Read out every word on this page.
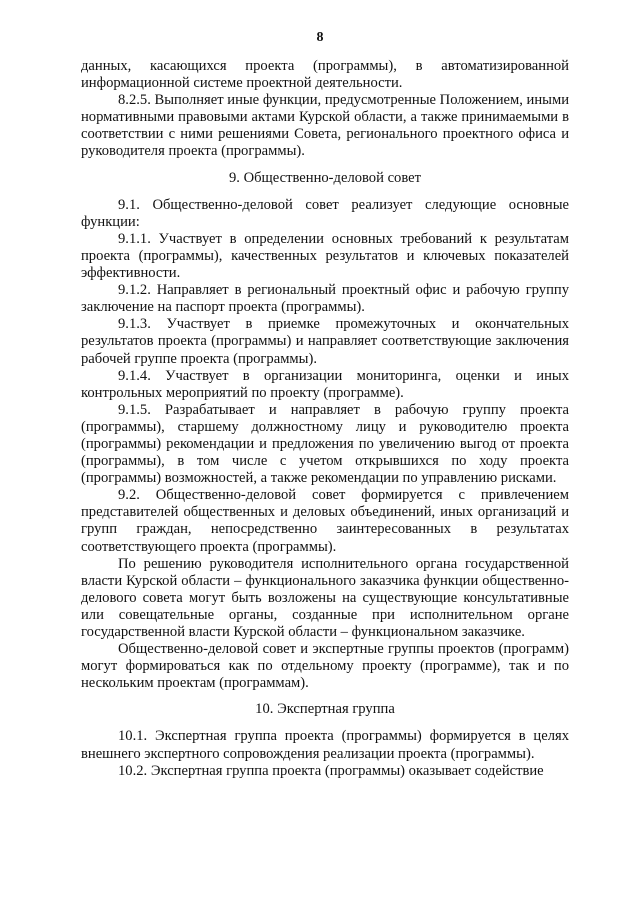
8

данных, касающихся проекта (программы), в автоматизированной информационной системе проектной деятельности.

8.2.5. Выполняет иные функции, предусмотренные Положением, иными нормативными правовыми актами Курской области, а также принимаемыми в соответствии с ними решениями Совета, регионального проектного офиса и руководителя проекта (программы).

9. Общественно-деловой совет

9.1. Общественно-деловой совет реализует следующие основные функции:

9.1.1. Участвует в определении основных требований к результатам проекта (программы), качественных результатов и ключевых показателей эффективности.

9.1.2. Направляет в региональный проектный офис и рабочую группу заключение на паспорт проекта (программы).

9.1.3. Участвует в приемке промежуточных и окончательных результатов проекта (программы) и направляет соответствующие заключения рабочей группе проекта (программы).

9.1.4. Участвует в организации мониторинга, оценки и иных контрольных мероприятий по проекту (программе).

9.1.5. Разрабатывает и направляет в рабочую группу проекта (программы), старшему должностному лицу и руководителю проекта (программы) рекомендации и предложения по увеличению выгод от проекта (программы), в том числе с учетом открывшихся по ходу проекта (программы) возможностей, а также рекомендации по управлению рисками.

9.2. Общественно-деловой совет формируется с привлечением представителей общественных и деловых объединений, иных организаций и групп граждан, непосредственно заинтересованных в результатах соответствующего проекта (программы).

По решению руководителя исполнительного органа государственной власти Курской области – функционального заказчика функции общественно-делового совета могут быть возложены на существующие консультативные или совещательные органы, созданные при исполнительном органе государственной власти Курской области – функциональном заказчике.

Общественно-деловой совет и экспертные группы проектов (программ) могут формироваться как по отдельному проекту (программе), так и по нескольким проектам (программам).

10. Экспертная группа

10.1. Экспертная группа проекта (программы) формируется в целях внешнего экспертного сопровождения реализации проекта (программы).

10.2. Экспертная группа проекта (программы) оказывает содействие
